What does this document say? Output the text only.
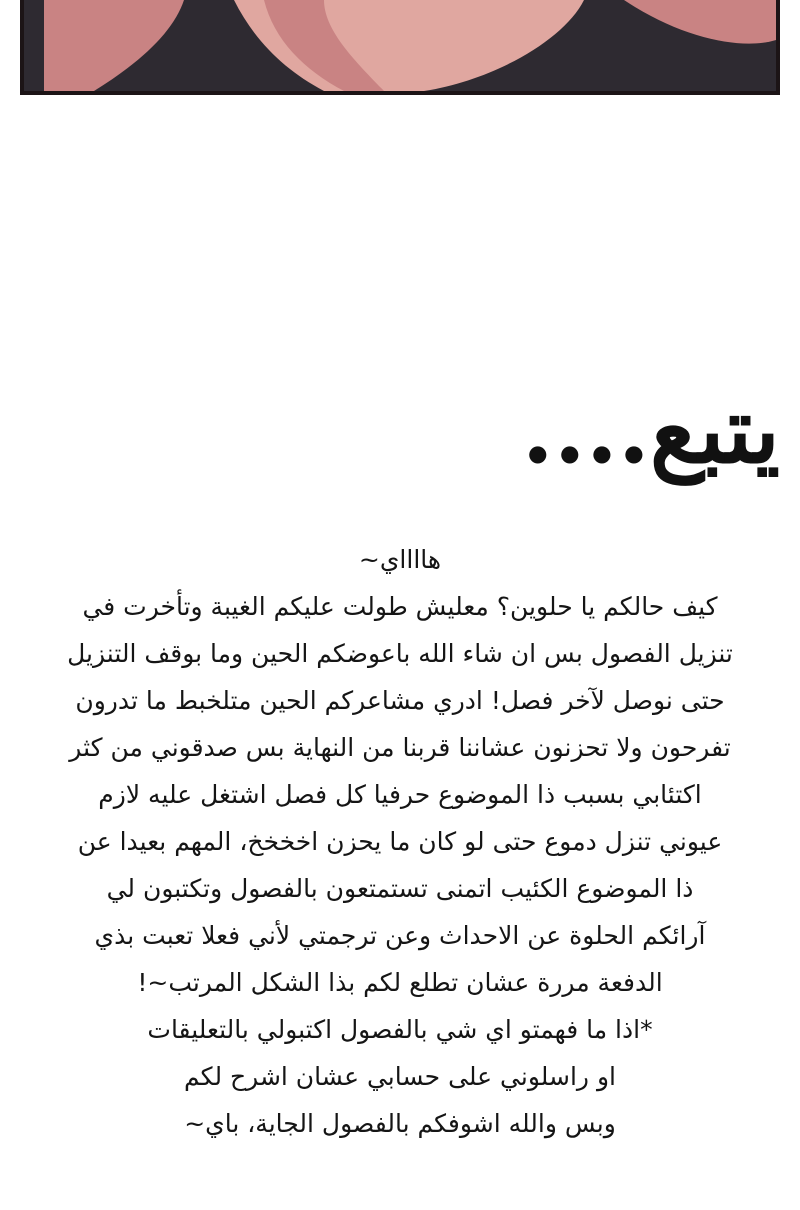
يتبع....
هااااي~
كيف حالكم يا حلوين؟ معليش طولت عليكم الغيبة وتأخرت في
تنزيل الفصول بس ان شاء الله باعوضكم الحين وما بوقف التنزيل
حتى نوصل لآخر فصل! ادري مشاعركم الحين متلخبط ما تدرون
تفرحون ولا تحزنون عشاننا قربنا من النهاية بس صدقوني من كثر
اكتئابي بسبب ذا الموضوع حرفيا كل فصل اشتغل عليه لازم
عيوني تنزل دموع حتى لو كان ما يحزن اخخخخ، المهم بعيدا عن
ذا الموضوع الكئيب اتمنى تستمتعون بالفصول وتكتبون لي
آرائكم الحلوة عن الاحداث وعن ترجمتي لأني فعلا تعبت بذي
الدفعة مررة عشان تطلع لكم بذا الشكل المرتب~!
*اذا ما فهمتو اي شي بالفصول اكتبولي بالتعليقات
او راسلوني على حسابي عشان اشرح لكم
وبس والله اشوفكم بالفصول الجاية، باي~
